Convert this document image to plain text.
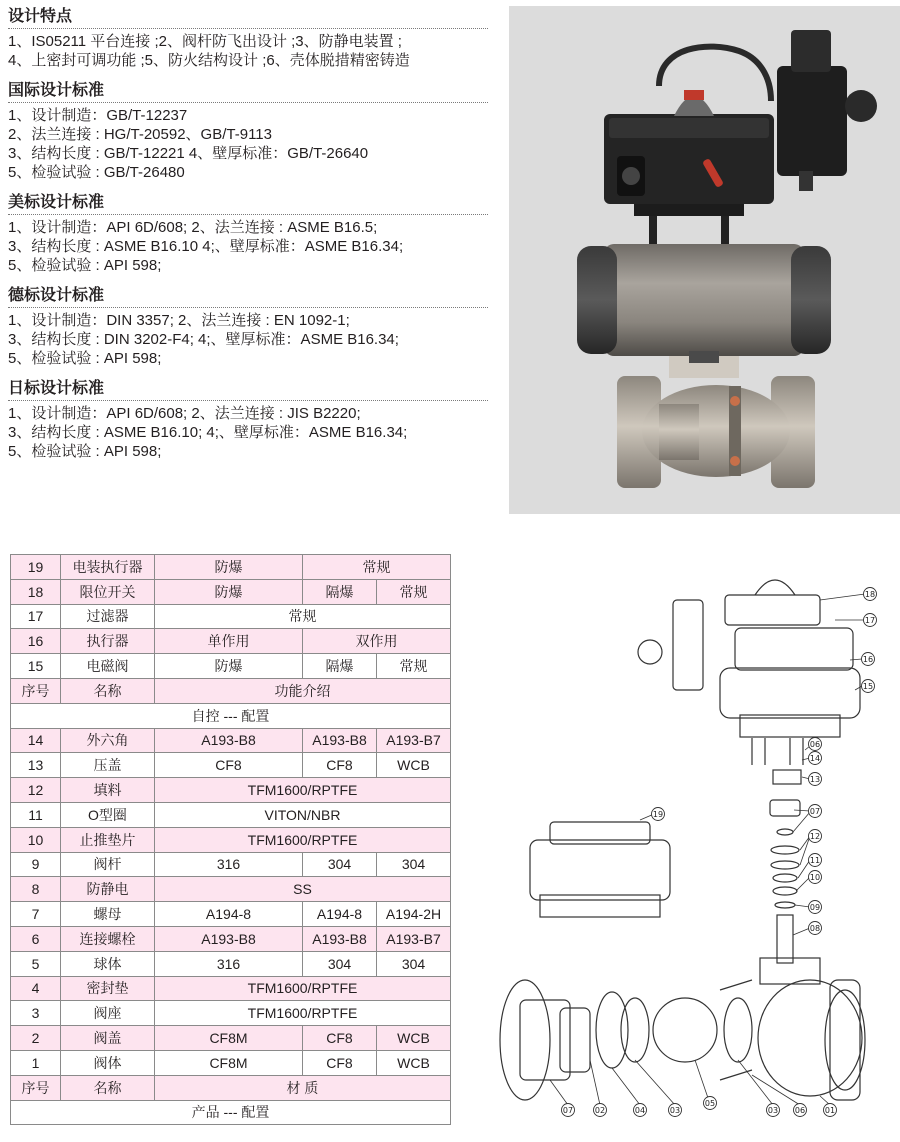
设计特点
1、IS05211 平台连接 ;2、阀杆防飞出设计 ;3、防静电装置 ;
4、上密封可调功能 ;5、防火结构设计 ;6、壳体脱措精密铸造
国际设计标准
1、设计制造：GB/T-12237
2、法兰连接 : HG/T-20592、GB/T-9113
3、结构长度 : GB/T-12221 4、壁厚标准：GB/T-26640
5、检验试验 : GB/T-26480
美标设计标准
1、设计制造：API 6D/608; 2、法兰连接 : ASME B16.5;
3、结构长度 : ASME B16.10 4;、壁厚标准：ASME B16.34;
5、检验试验 : API 598;
德标设计标准
1、设计制造：DIN 3357; 2、法兰连接 : EN 1092-1;
3、结构长度 : DIN 3202-F4; 4;、壁厚标准：ASME B16.34;
5、检验试验 : API 598;
日标设计标准
1、设计制造：API 6D/608; 2、法兰连接 : JIS B2220;
3、结构长度 : ASME B16.10; 4;、壁厚标准：ASME B16.34;
5、检验试验 : API 598;
19	电装执行器	防爆	常规	
18	限位开关	防爆	隔爆	常规
17	过滤器	常规		
16	执行器	单作用	双作用	
15	电磁阀	防爆	隔爆	常规
序号	名称	功能介绍		
自控 --- 配置				
14	外六角	A193-B8	A193-B8	A193-B7
13	压盖	CF8	CF8	WCB
12	填料	TFM1600/RPTFE		
11	O型圈	VITON/NBR		
10	止推垫片	TFM1600/RPTFE		
9	阀杆	316	304	304
8	防静电	SS		
7	螺母	A194-8	A194-8	A194-2H
6	连接螺栓	A193-B8	A193-B8	A193-B7
5	球体	316	304	304
4	密封垫	TFM1600/RPTFE		
3	阀座	TFM1600/RPTFE		
2	阀盖	CF8M	CF8	WCB
1	阀体	CF8M	CF8	WCB
序号	名称	材 质		
产品 --- 配置				
18
17
16
15
06
14
13
07
12
11
10
09
08
19
02	04	03
05
03 06 01
07
